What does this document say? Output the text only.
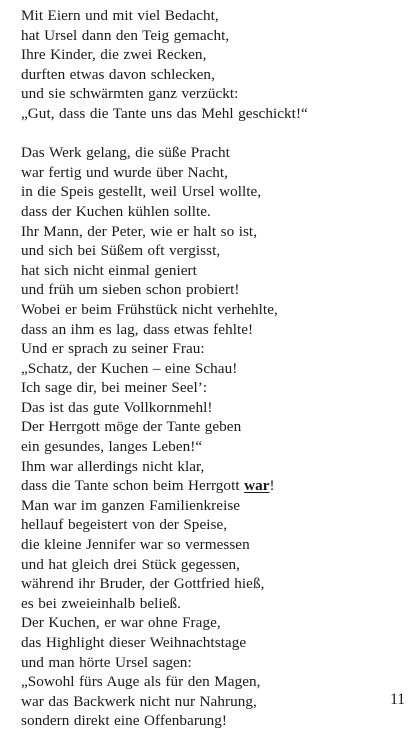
Mit Eiern und mit viel Bedacht,
hat Ursel dann den Teig gemacht,
Ihre Kinder, die zwei Recken,
durften etwas davon schlecken,
und sie schwärmten ganz verzückt:
„Gut, dass die Tante uns das Mehl geschickt!“
Das Werk gelang, die süße Pracht
war fertig und wurde über Nacht,
in die Speis gestellt, weil Ursel wollte,
dass der Kuchen kühlen sollte.
Ihr Mann, der Peter, wie er halt so ist,
und sich bei Süßem oft vergisst,
hat sich nicht einmal geniert
und früh um sieben schon probiert!
Wobei er beim Frühstück nicht verhehlte,
dass an ihm es lag, dass etwas fehlte!
Und er sprach zu seiner Frau:
„Schatz, der Kuchen – eine Schau!
Ich sage dir, bei meiner Seel’:
Das ist das gute Vollkornmehl!
Der Herrgott möge der Tante geben
ein gesundes, langes Leben!“
Ihm war allerdings nicht klar,
dass die Tante schon beim Herrgott war!
Man war im ganzen Familienkreise
hellauf begeistert von der Speise,
die kleine Jennifer war so vermessen
und hat gleich drei Stück gegessen,
während ihr Bruder, der Gottfried hieß,
es bei zweieinhalb beließ.
Der Kuchen, er war ohne Frage,
das Highlight dieser Weihnachtstage
und man hörte Ursel sagen:
„Sowohl fürs Auge als für den Magen,
war das Backwerk nicht nur Nahrung,
sondern direkt eine Offenbarung!
11
